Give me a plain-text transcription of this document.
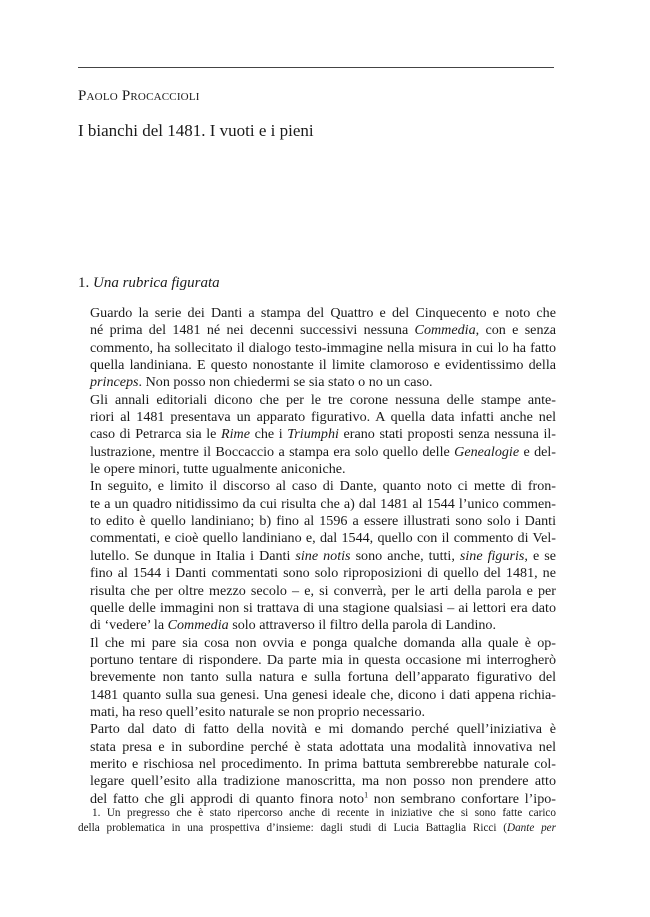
Paolo Procaccioli
I bianchi del 1481. I vuoti e i pieni
1. Una rubrica figurata

Guardo la serie dei Danti a stampa del Quattro e del Cinquecento e noto che
né prima del 1481 né nei decenni successivi nessuna Commedia, con e senza
commento, ha sollecitato il dialogo testo-immagine nella misura in cui lo ha fatto
quella landiniana. E questo nonostante il limite clamoroso e evidentissimo della
princeps. Non posso non chiedermi se sia stato o no un caso.

Gli annali editoriali dicono che per le tre corone nessuna delle stampe ante-
riori al 1481 presentava un apparato figurativo. A quella data infatti anche nel
caso di Petrarca sia le Rime che i Triumphi erano stati proposti senza nessuna il-
lustrazione, mentre il Boccaccio a stampa era solo quello delle Genealogie e del-
le opere minori, tutte ugualmente aniconiche.

In seguito, e limito il discorso al caso di Dante, quanto noto ci mette di fron-
te a un quadro nitidissimo da cui risulta che a) dal 1481 al 1544 l’unico commen-
to edito è quello landiniano; b) fino al 1596 a essere illustrati sono solo i Danti
commentati, e cioè quello landiniano e, dal 1544, quello con il commento di Vel-
lutello. Se dunque in Italia i Danti sine notis sono anche, tutti, sine figuris, e se
fino al 1544 i Danti commentati sono solo riproposizioni di quello del 1481, ne
risulta che per oltre mezzo secolo – e, si converrà, per le arti della parola e per
quelle delle immagini non si trattava di una stagione qualsiasi – ai lettori era dato
di ‘vedere’ la Commedia solo attraverso il filtro della parola di Landino.

Il che mi pare sia cosa non ovvia e ponga qualche domanda alla quale è op-
portuno tentare di rispondere. Da parte mia in questa occasione mi interrogherò
brevemente non tanto sulla natura e sulla fortuna dell’apparato figurativo del
1481 quanto sulla sua genesi. Una genesi ideale che, dicono i dati appena richia-
mati, ha reso quell’esito naturale se non proprio necessario.

Parto dal dato di fatto della novità e mi domando perché quell’iniziativa è
stata presa e in subordine perché è stata adottata una modalità innovativa nel
merito e rischiosa nel procedimento. In prima battuta sembrerebbe naturale col-
legare quell’esito alla tradizione manoscritta, ma non posso non prendere atto
del fatto che gli approdi di quanto finora noto$^1$ non sembrano confortare l’ipo-

1. Un pregresso che è stato ripercorso anche di recente in iniziative che si sono fatte carico
della problematica in una prospettiva d’insieme: dagli studi di Lucia Battaglia Ricci (Dante per
